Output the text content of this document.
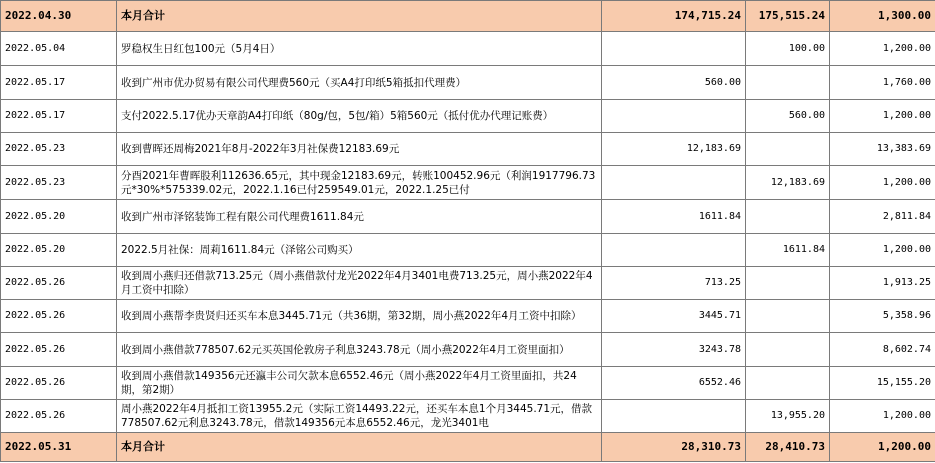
2022.04.30	本月合计	174,715.24	175,515.24	1,300.00
2022.05.04	罗稳权生日红包100元（5月4日）		100.00	1,200.00
2022.05.17	收到广州市优办贸易有限公司代理费560元（买A4打印纸5箱抵扣代理费）	560.00		1,760.00
2022.05.17	支付2022.5.17优办天章韵A4打印纸（80g/包，5包/箱）5箱560元（抵付优办代理记账费）		560.00	1,200.00
2022.05.23	收到曹晖还周梅2021年8月-2022年3月社保费12183.69元	12,183.69		13,383.69
2022.05.23	分酉2021年曹晖股利112636.65元，其中现金12183.69元，转账100452.96元（利润1917796.73元*30%*575339.02元，2022.1.16已付259549.01元，2022.1.25已付		12,183.69	1,200.00
2022.05.20	收到广州市泽铭装饰工程有限公司代理费1611.84元	1611.84		2,811.84
2022.05.20	2022.5月社保：周莉1611.84元（泽铭公司购买）		1611.84	1,200.00
2022.05.26	收到周小燕归还借款713.25元（周小燕借款付龙光2022年4月3401电费713.25元，周小燕2022年4月工资中扣除）	713.25		1,913.25
2022.05.26	收到周小燕帮李贵贤归还买车本息3445.71元（共36期，第32期，周小燕2022年4月工资中扣除）	3445.71		5,358.96
2022.05.26	收到周小燕借款778507.62元买英国伦敦房子利息3243.78元（周小燕2022年4月工资里面扣）	3243.78		8,602.74
2022.05.26	收到周小燕借款149356元还瀛丰公司欠款本息6552.46元（周小燕2022年4月工资里面扣，共24期，第2期）	6552.46		15,155.20
2022.05.26	周小燕2022年4月抵扣工资13955.2元（实际工资14493.22元，还买车本息1个月3445.71元，借款778507.62元利息3243.78元，借款149356元本息6552.46元，龙光3401电		13,955.20	1,200.00
2022.05.31	本月合计	28,310.73	28,410.73	1,200.00
